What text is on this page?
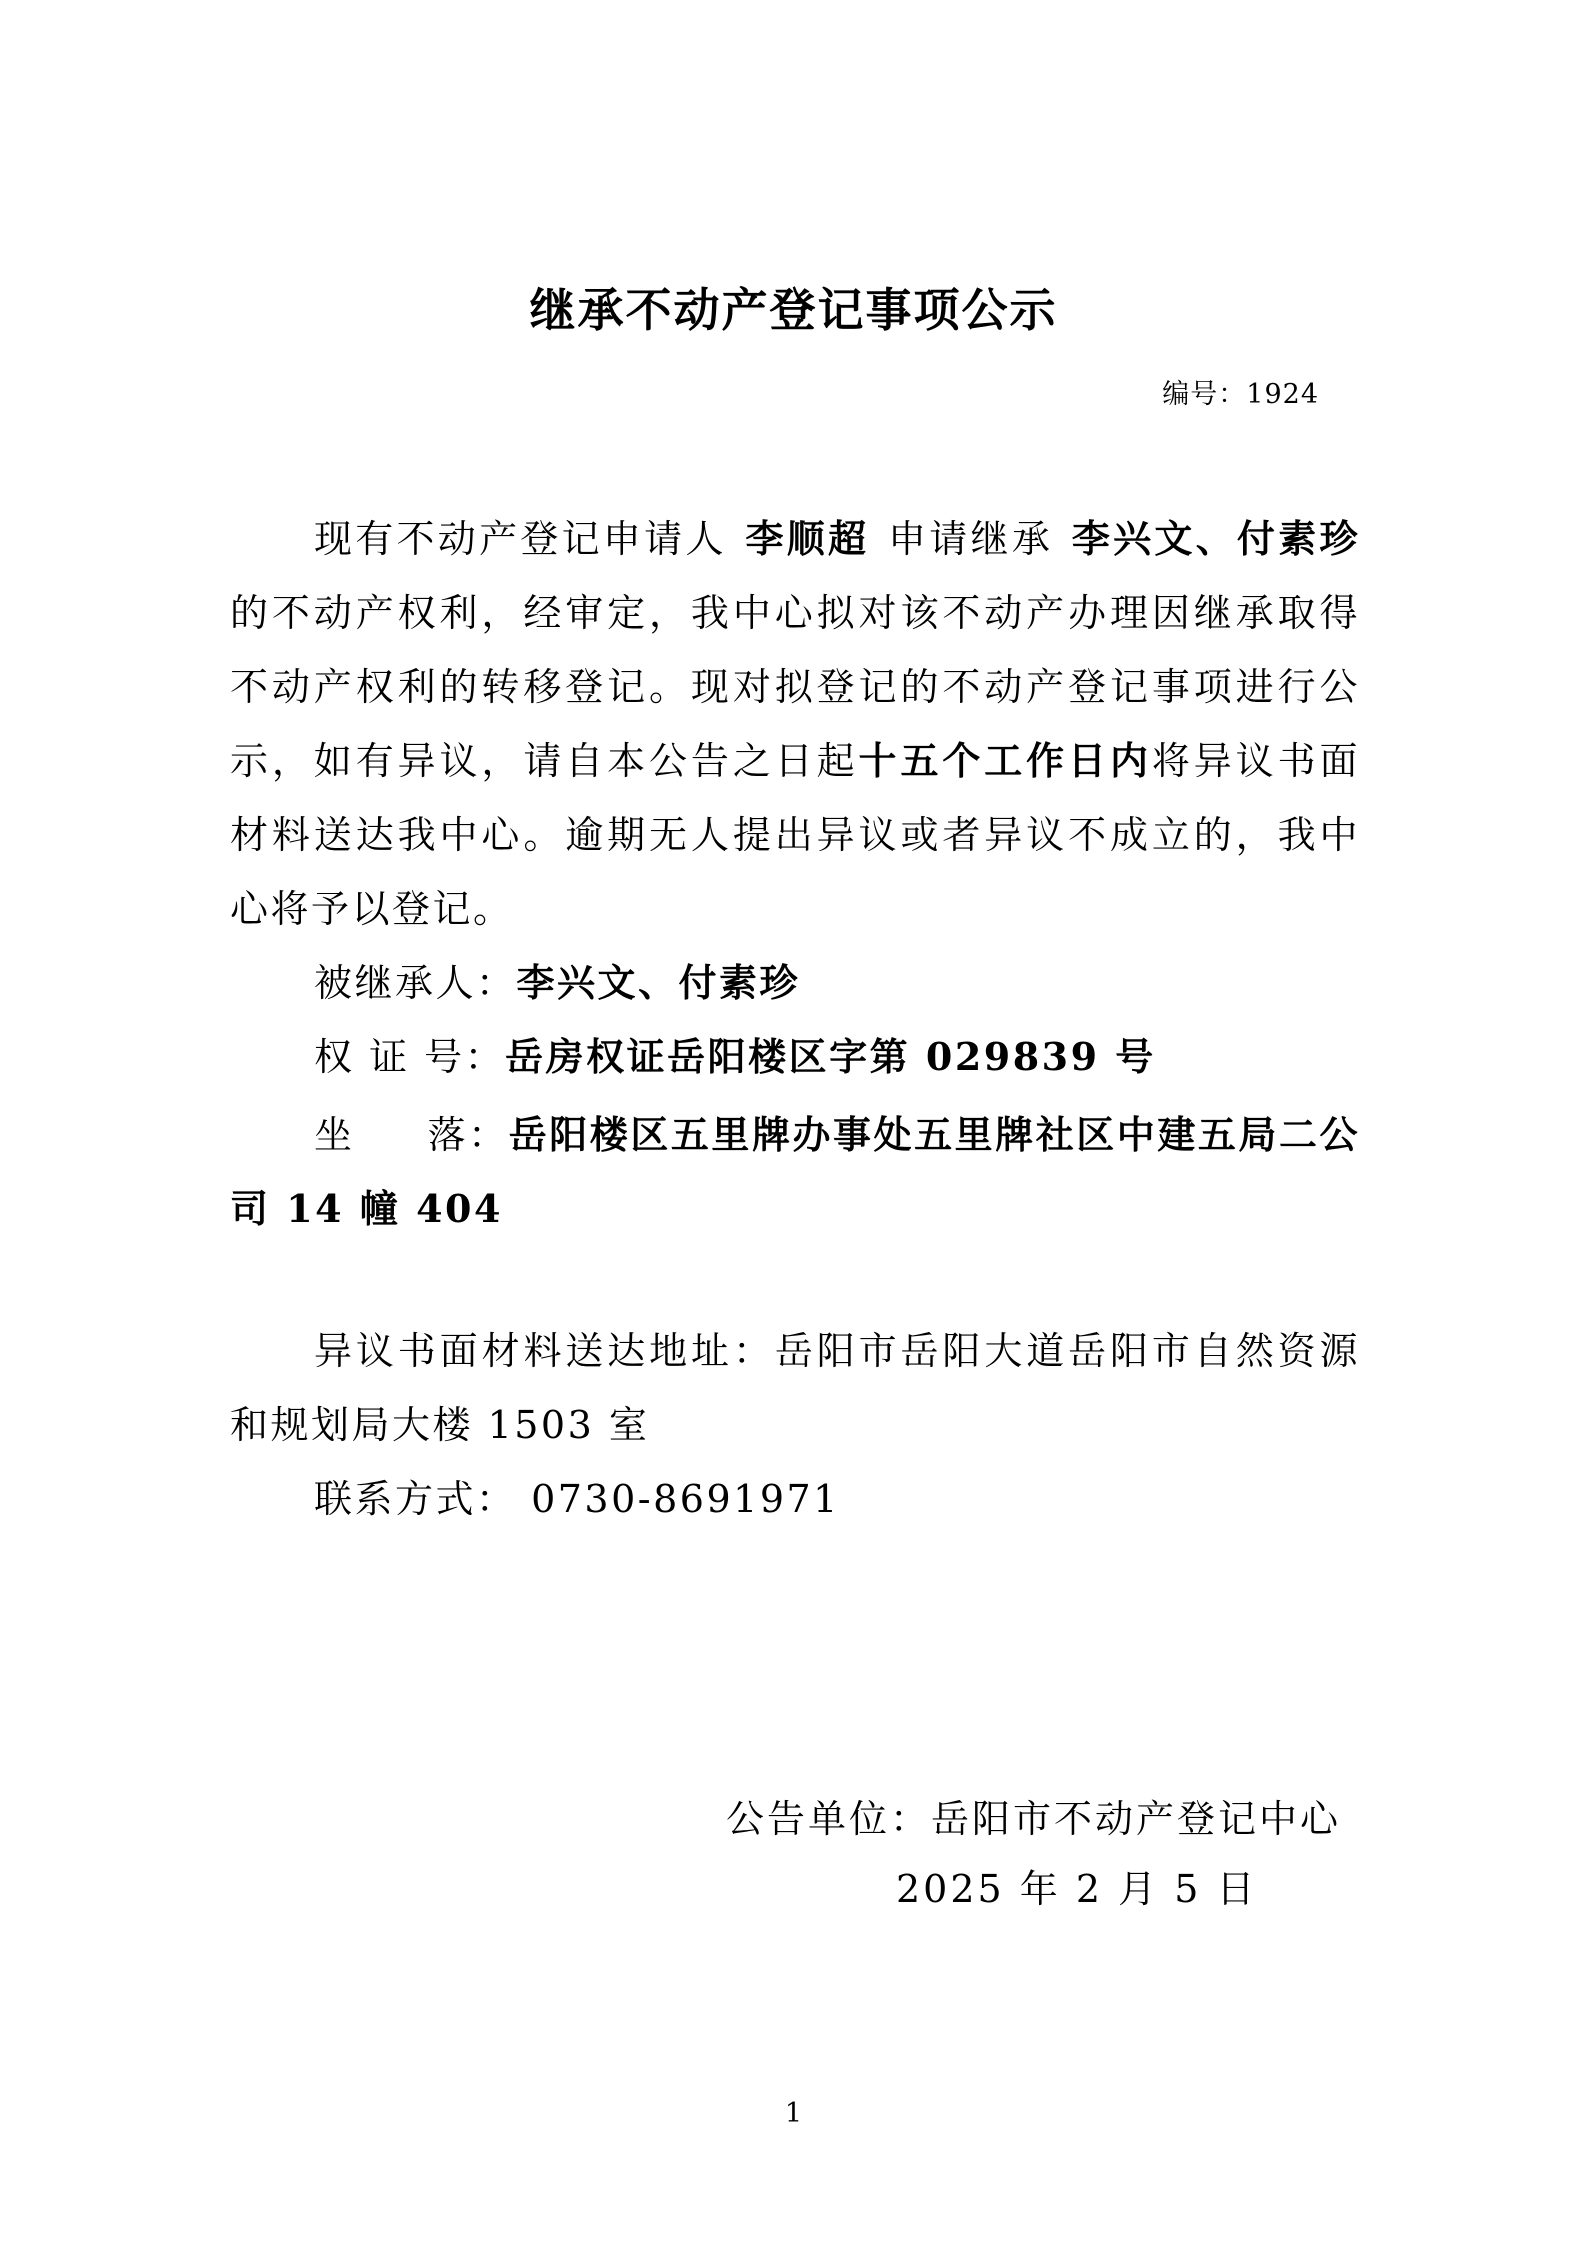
继承不动产登记事项公示
编号：1924

现有不动产登记申请人 李顺超 申请继承 李兴文、付素珍的不动产权利，经审定，我中心拟对该不动产办理因继承取得不动产权利的转移登记。现对拟登记的不动产登记事项进行公示，如有异议，请自本公告之日起十五个工作日内将异议书面材料送达我中心。逾期无人提出异议或者异议不成立的，我中心将予以登记。

被继承人：李兴文、付素珍

权 证 号：岳房权证岳阳楼区字第 029839 号

坐     落：岳阳楼区五里牌办事处五里牌社区中建五局二公司 14 幢 404

异议书面材料送达地址：岳阳市岳阳大道岳阳市自然资源和规划局大楼 1503 室

联系方式： 0730-8691971

公告单位：岳阳市不动产登记中心
2025 年 2 月 5 日
1
